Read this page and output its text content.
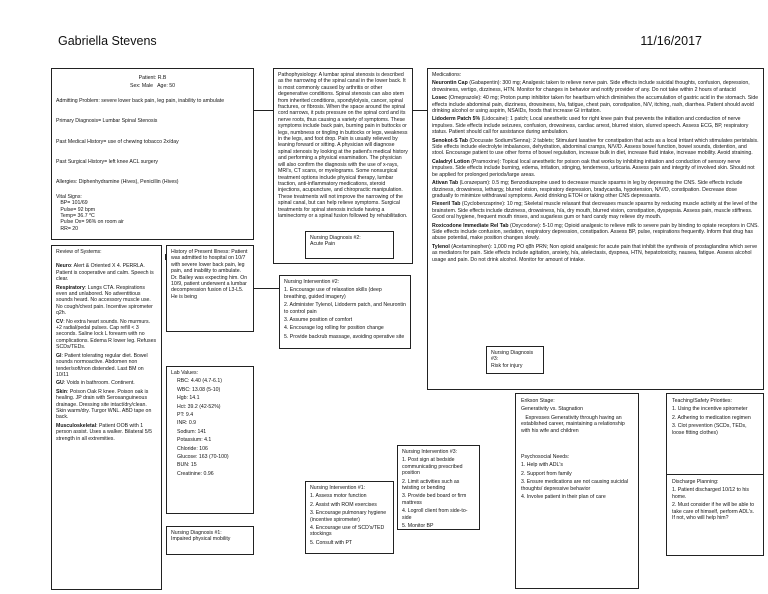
Gabriella Stevens	11/16/2017

Patient: R.B

Sex: Male   Age: 50

Admitting Problem: severe lower back pain, leg pain, inability to ambulate

Primary Diagnosis= Lumbar Spinal Stenosis

Past Medical History= use of chewing tobacco 2x/day

Past Surgical History= left knee ACL surgery

Allergies: Diphenhydramine (Hives), Penicillin (Hives)

Vital Signs:
BP= 101/69
Pulse= 92 bpm
Temp= 36.7 *C
Pulse Ox= 96% on room air
RR= 20

Pathophysiology: A lumbar spinal stenosis is described as the narrowing of the spinal canal in the lower back. It is most commonly caused by arthritis or other degenerative conditions. Spinal stenosis can also stem from inherited conditions, spondylolysis, cancer, spinal fractures, or fibrosis. When the space around the spinal cord narrows, it puts pressure on the spinal cord and its nerve roots, thus causing a variety of symptoms. These symptoms include back pain, burning pain in buttocks or legs, numbness or tingling in buttocks or legs, weakness in the legs, and foot drop. Pain is usually relieved by leaning forward or sitting. A physician will diagnose spinal stenosis by looking at the patient's medical history and performing a physical examination. The physician will also confirm the diagnosis with the use of x-rays, MRI's, CT scans, or myelograms. Some nonsurgical treatment options include physical therapy, lumbar traction, anti-inflammatory medications, steroid injections, acupuncture, and chiropractic manipulation. These treatments will not improve the narrowing of the spinal canal, but can help relieve symptoms. Surgical treatments for spinal stenosis include having a laminectomy or a spinal fusion followed by rehabilitation.

Medications:

Neurontin Cap (Gabapentin): 300 mg; Analgesic taken to relieve nerve pain. Side effects include suicidal thoughts, confusion, depression, drowsiness, vertigo, dizziness, HTN. Monitor for changes in behavior and notify provider of any. Do not take within 2 hours of antacid

Losec (Omeprazole): 40 mg; Proton pump inhibitor taken for heartburn which diminishes the accumulation of gastric acid in the stomach. Side effects include abdominal pain, dizziness, drowsiness, h/a, fatigue, chest pain, constipation, N/V, itching, rash, diarrhea. Patient should avoid drinking alcohol or using aspirin, NSAIDs, foods that increase GI irritation.

Lidoderm Patch 5% (Lidocaine): 1 patch; Local anesthetic used for right knee pain that prevents the initiation and conduction of nerve impulses. Side effects include seizures, confusion, drowsiness, cardiac arrest, blurred vision, slurred speech. Assess ECG, BP, respiratory status. Patient should call for assistance during ambulation.

Senokot-S Tab (Docusate Sodium/Senna): 2 tablets; Stimulant laxative for constipation that acts as a local irritant which stimulates peristalsis. Side effects include electrolyte imbalances, dehydration, abdominal cramps, N/V/D. Assess bowel function, bowel sounds, distention, and stool. Encourage patient to use other forms of bowel regulation, increase bulk in diet, increase fluid intake, increase mobility. Avoid straining.

Caladryl Lotion (Pramoxine): Topical local anesthetic for poison oak that works by inhibiting initiation and conduction of sensory nerve impulses. Side effects include burning, edema, irritation, stinging, tenderness, urticaria. Assess pain and integrity of involved skin. Should not be applied for prolonged periods/large areas.

Ativan Tab (Lorazepam): 0.5 mg; Benzodiazepine used to decrease muscle spasms in leg by depressing the CNS. Side effects include dizziness, drowsiness, lethargy, blurred vision, respiratory depression, bradycardia, hypotension, N/V/D, constipation. Decrease dose gradually to minimize withdrawal symptoms. Avoid drinking ETOH or taking other CNS depressants.

Flexeril Tab (Cyclobenzaprine): 10 mg; Skeletal muscle relaxant that decreases muscle spasms by reducing muscle activity at the level of the brainstem. Side effects include dizziness, drowsiness, h/a, dry mouth, blurred vision, constipation, dyspepsia. Assess pain, muscle stiffness. Good oral hygiene, frequent mouth rinses, and sugarless gum or hard candy may relieve dry mouth.

Roxicodone Immediate Rel Tab (Oxycodone): 5-10 mg; Opioid analgesic to relieve milk to severe pain by binding to opiate receptors in CNS. Side effects include confusion, sedation, respiratory depression, constipation. Assess BP, pulse, respirations frequently. Inform that drug has abuse potential, make position changes slowly.

Tylenol (Acetaminophen): 1,000 mg PO q8h PRN; Non opioid analgesic for acute pain that inhibit the synthesis of prostaglandins which serve as mediators for pain. Side effects include agitation, anxiety, h/a, atelectasis, dyspnea, HTN, hepatotoxicity, nausea, fatigue. Assess alcohol usage and pain. Do not drink alcohol. Monitor for amount of intake.

Review of Systems:

Neuro: Alert & Oriented X 4. PERRLA. Patient is cooperative and calm. Speech is clear.

Respiratory: Lungs CTA. Respirations even and unlabored. No adventitious sounds heard. No accessory muscle use. No cough/chest pain. Incentive spirometer q2h.

CV: No extra heart sounds. No murmurs. +2 radial/pedal pulses. Cap refill < 3 seconds. Saline lock L forearm with no complications. Edema R lower leg. Refuses SCDs/TEDs.

GI: Patient tolerating regular diet. Bowel sounds normoactive. Abdomen non tender/soft/non distended. Last BM on 10/11

GU: Voids in bathroom. Continent.

Skin: Poison Oak R knee. Poison oak is healing. JP drain with Serosanguineous drainage. Dressing site intact/dry/clean. Skin warm/dry. Turgor WNL. ABD tape on back.

Musculoskeletal: Patient OOB with 1 person assist. Uses a walker. Bilateral 5/5 strength in all extremities.

History of Present Illness: Patient was admitted to hospital on 10/7 with severe lower back pain, leg pain, and inability to ambulate. Dr. Bailey was expecting him. On 10/9, patient underwent a lumbar decompression fusion of L3-L5. He is being

Lab Values:

RBC: 4.40 (4.7-6.1)

WBC: 13.08 (5-10)

Hgb: 14.1

Hct: 39.2 (42-52%)

PT: 9.4

INR: 0.9

Sodium: 141

Potassium: 4.1

Chloride: 106

Glucose: 163 (70-100)

BUN: 15

Creatinine: 0.96

Nursing Diagnosis #1:
Impaired physical mobility

Nursing Diagnosis #2:
Acute Pain

Nursing Intervention #2:

1. Encourage use of relaxation skills (deep breathing, guided imagery)

2. Administer Tylenol, Lidoderm patch, and Neurontin to control pain

3. Assume position of comfort

4. Encourage log rolling for position change

5. Provide backrub massage, avoiding operative site

Nursing Intervention #1:

1. Assess motor function

2. Assist with ROM exercises

3. Encourage pulmonary hygiene (incentive spirometer)

4. Encourage use of SCD's/TED stockings

5. Consult with PT

Nursing Diagnosis #3:
Risk for injury

Nursing Intervention #3:

1. Post sign at bedside communicating prescribed position

2. Limit activities such as twisting or bending

3. Provide bed board or firm mattress

4. Logroll client from side-to-side

5. Monitor BP

Erikson Stage:

Generativity vs. Stagnation

Expresses Generativity through having an established career, maintaining a relationship with his wife and children

Psychosocial Needs:

1. Help with ADL's

2. Support from family

3. Ensure medications are not causing suicidal thoughts/ depressive behavior

4. Involve patient in their plan of care

Teaching/Safety Priorities:

1. Using the incentive spirometer

2. Adhering to medication regimen

3. Clot prevention (SCDs, TEDs, loose fitting clothes)

Discharge Planning:

1. Patient discharged 10/12 to his home.

2. Must consider if he will be able to take care of himself, perform ADL's. If not, who will help him?
